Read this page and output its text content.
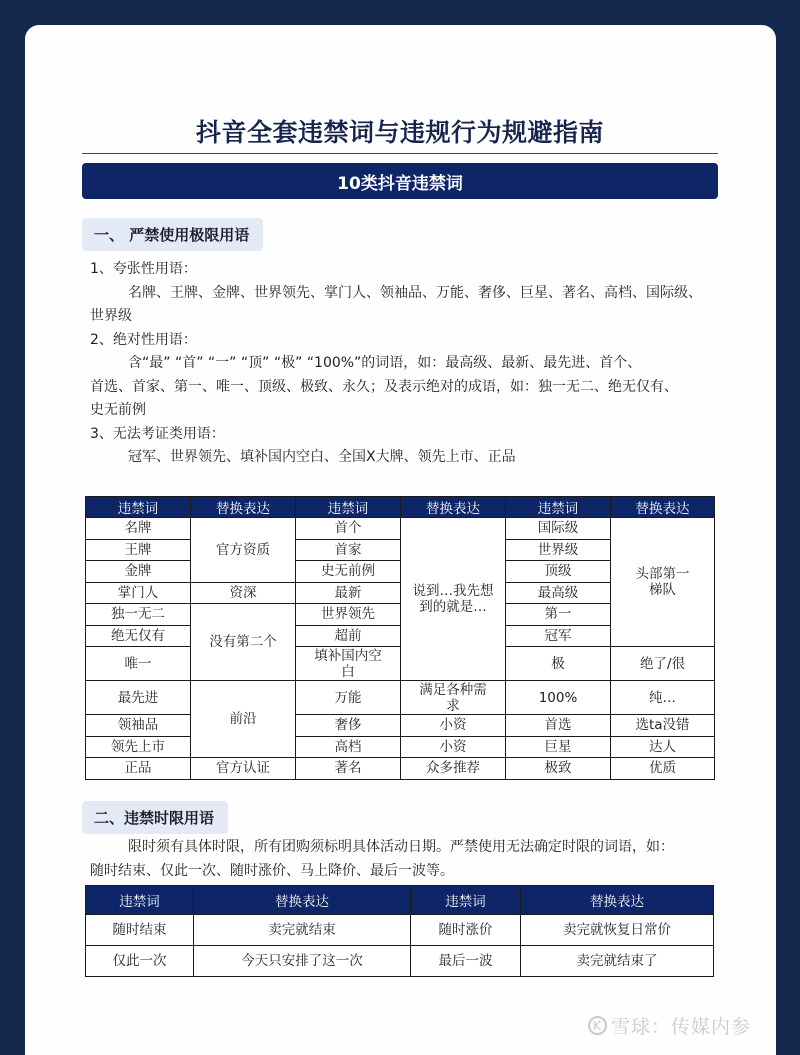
抖音全套违禁词与违规行为规避指南
10类抖音违禁词
一、 严禁使用极限用语
1、夸张性用语：
名牌、王牌、金牌、世界领先、掌门人、领袖品、万能、奢侈、巨星、著名、高档、国际级、
世界级
2、绝对性用语：
含“最” “首” “一” “顶” “极” “100%”的词语，如：最高级、最新、最先进、首个、
首选、首家、第一、唯一、顶级、极致、永久；及表示绝对的成语，如：独一无二、绝无仅有、
史无前例
3、无法考证类用语：
冠军、世界领先、填补国内空白、全国X大牌、领先上市、正品
违禁词	替换表达	违禁词	替换表达	违禁词	替换表达
名牌	官方资质	首个	说到…我先想到的就是…	国际级	头部第一梯队
王牌		首家		世界级	
金牌		史无前例		顶级	
掌门人	资深	最新		最高级	
独一无二	没有第二个	世界领先		第一	
绝无仅有		超前		冠军	
唯一		填补国内空白		极	绝了/很
最先进	前沿	万能	满足各种需求	100%	纯…
领袖品		奢侈	小资	首选	选ta没错
领先上市		高档	小资	巨星	达人
正品	官方认证	著名	众多推荐	极致	优质
二、违禁时限用语
限时须有具体时限，所有团购须标明具体活动日期。严禁使用无法确定时限的词语，如：
随时结束、仅此一次、随时涨价、马上降价、最后一波等。
违禁词	替换表达	违禁词	替换表达
随时结束	卖完就结束	随时涨价	卖完就恢复日常价
仅此一次	今天只安排了这一次	最后一波	卖完就结束了
K 雪球：传媒内参
